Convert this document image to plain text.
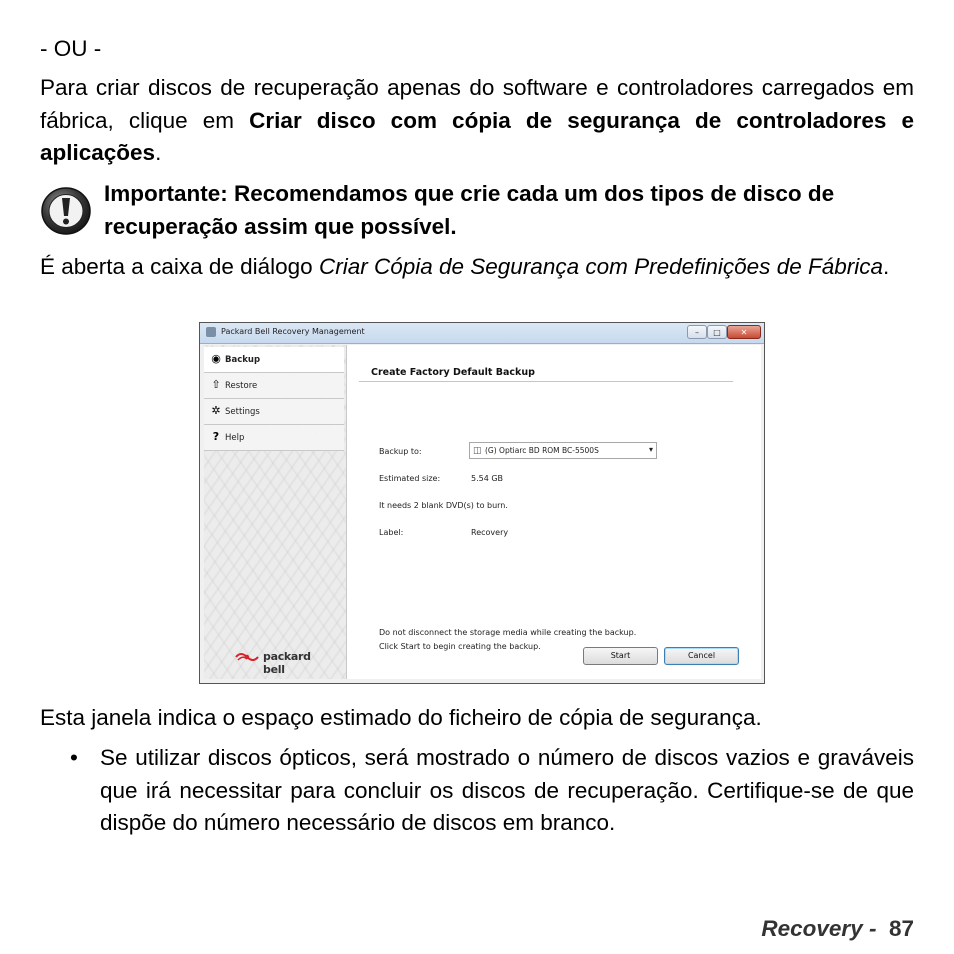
- OU -

Para criar discos de recuperação apenas do software e controladores carregados em fábrica, clique em Criar disco com cópia de segurança de controladores e aplicações.

Importante: Recomendamos que crie cada um dos tipos de disco de recuperação assim que possível.

É aberta a caixa de diálogo Criar Cópia de Segurança com Predefinições de Fábrica.

Packard Bell Recovery Management	–	□	✕
◉ Backup
⇧ Restore
✲ Settings
? Help
packard bell
Create Factory Default Backup
Backup to:	◫ (G) Optiarc BD ROM BC-5500S	▾
Estimated size:	5.54 GB
It needs 2 blank DVD(s) to burn.
Label:	Recovery
Do not disconnect the storage media while creating the backup.
Click Start to begin creating the backup.
Start	Cancel

Esta janela indica o espaço estimado do ficheiro de cópia de segurança.

• Se utilizar discos ópticos, será mostrado o número de discos vazios e graváveis que irá necessitar para concluir os discos de recuperação. Certifique-se de que dispõe do número necessário de discos em branco.
Recovery - 87
